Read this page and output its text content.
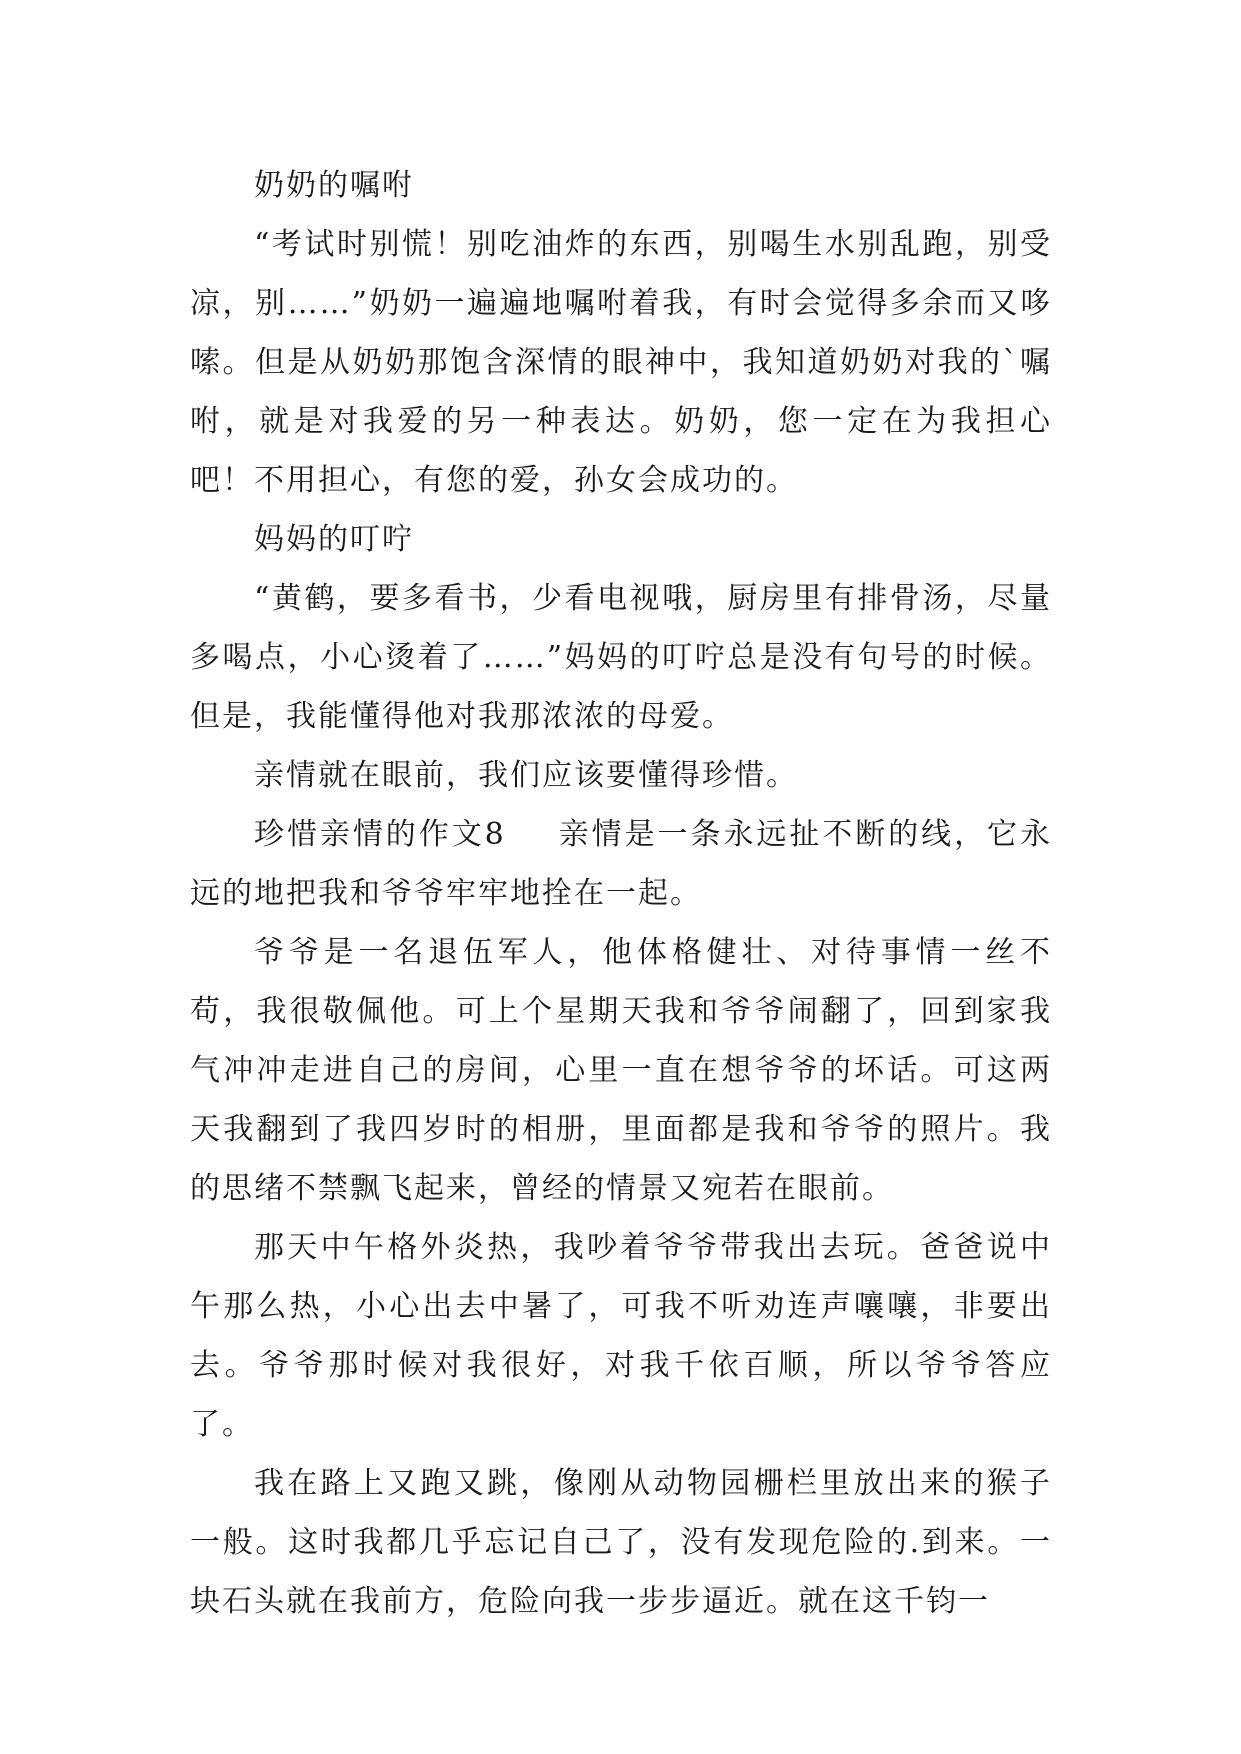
奶奶的嘱咐

“考试时别慌！别吃油炸的东西，别喝生水别乱跑，别受凉，别……”奶奶一遍遍地嘱咐着我，有时会觉得多余而又哆嗦。但是从奶奶那饱含深情的眼神中，我知道奶奶对我的`嘱咐，就是对我爱的另一种表达。奶奶，您一定在为我担心吧！不用担心，有您的爱，孙女会成功的。

妈妈的叮咛

“黄鹤，要多看书，少看电视哦，厨房里有排骨汤，尽量多喝点，小心烫着了……”妈妈的叮咛总是没有句号的时候。但是，我能懂得他对我那浓浓的母爱。

亲情就在眼前，我们应该要懂得珍惜。

珍惜亲情的作文8 亲情是一条永远扯不断的线，它永远的地把我和爷爷牢牢地拴在一起。

爷爷是一名退伍军人，他体格健壮、对待事情一丝不苟，我很敬佩他。可上个星期天我和爷爷闹翻了，回到家我气冲冲走进自己的房间，心里一直在想爷爷的坏话。可这两天我翻到了我四岁时的相册，里面都是我和爷爷的照片。我的思绪不禁飘飞起来，曾经的情景又宛若在眼前。

那天中午格外炎热，我吵着爷爷带我出去玩。爸爸说中午那么热，小心出去中暑了，可我不听劝连声嚷嚷，非要出去。爷爷那时候对我很好，对我千依百顺，所以爷爷答应了。

我在路上又跑又跳，像刚从动物园栅栏里放出来的猴子一般。这时我都几乎忘记自己了，没有发现危险的.到来。一块石头就在我前方，危险向我一步步逼近。就在这千钧一
